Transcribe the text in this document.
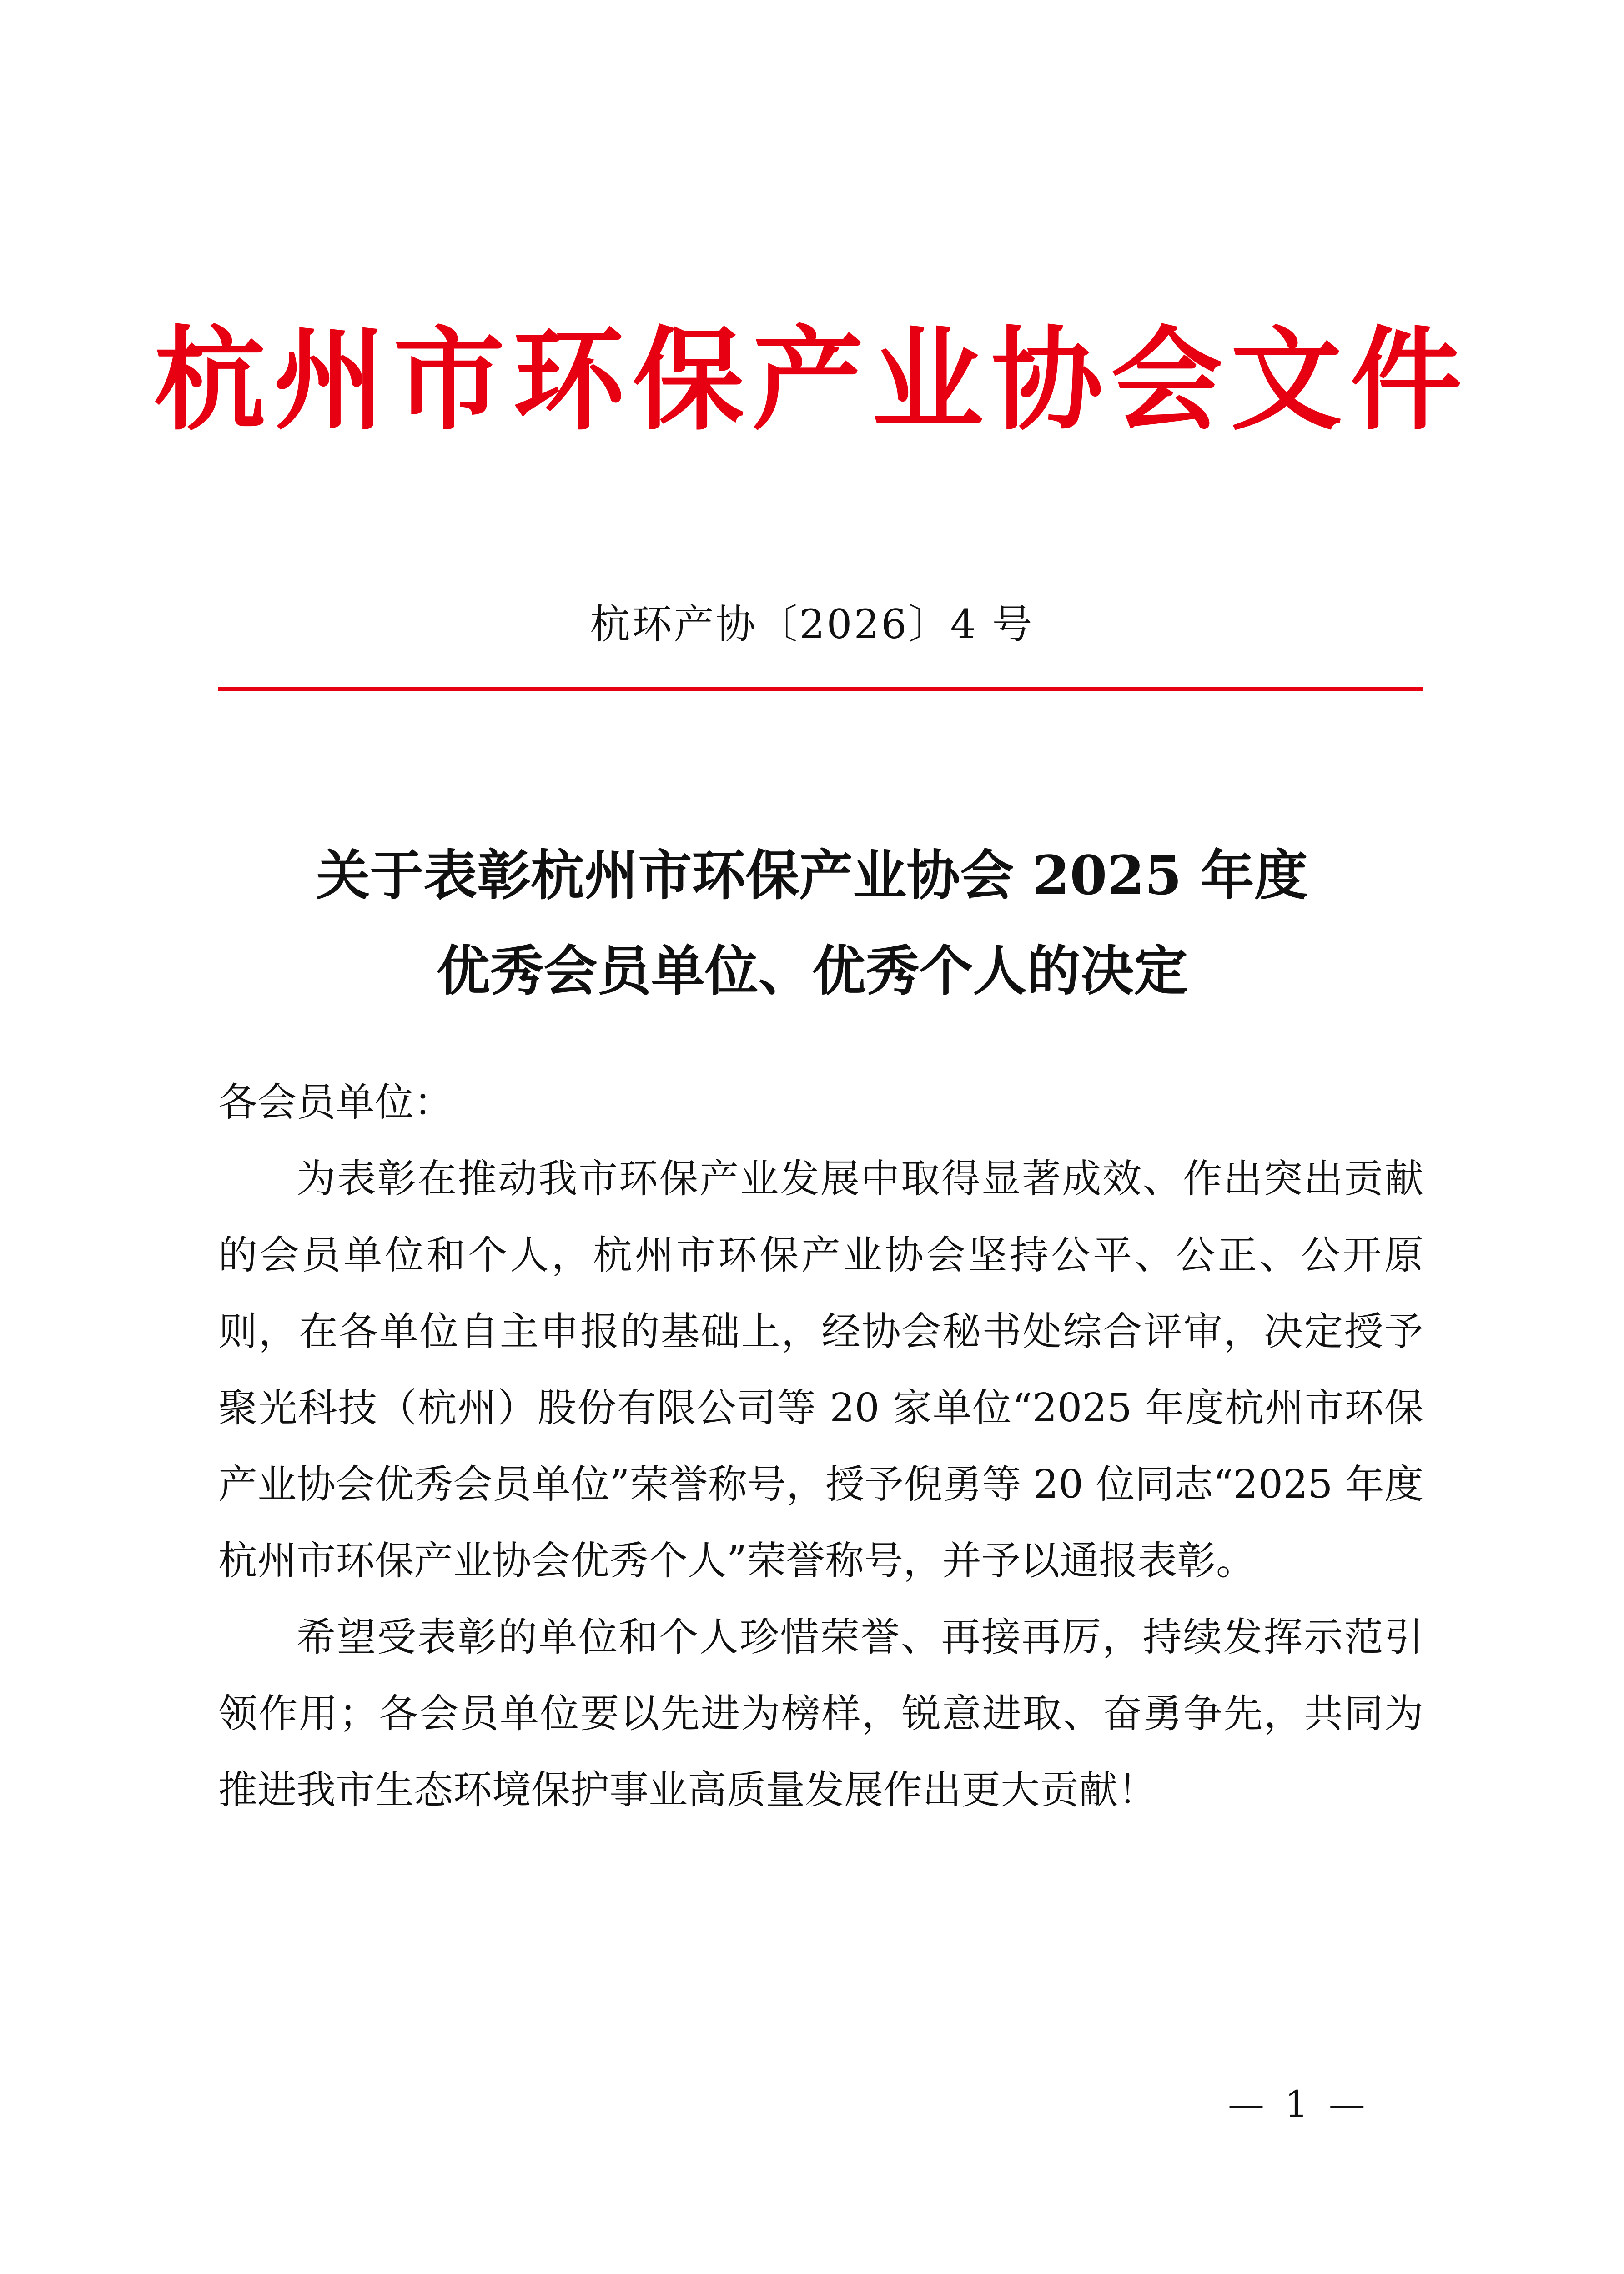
杭州市环保产业协会文件
杭环产协〔2026〕4 号
关于表彰杭州市环保产业协会 2025 年度
优秀会员单位、优秀个人的决定

各会员单位：

为表彰在推动我市环保产业发展中取得显著成效、作出突出贡献的会员单位和个人，杭州市环保产业协会坚持公平、公正、公开原则，在各单位自主申报的基础上，经协会秘书处综合评审，决定授予聚光科技（杭州）股份有限公司等 20 家单位“2025 年度杭州市环保产业协会优秀会员单位”荣誉称号，授予倪勇等 20 位同志“2025 年度杭州市环保产业协会优秀个人”荣誉称号，并予以通报表彰。

希望受表彰的单位和个人珍惜荣誉、再接再厉，持续发挥示范引领作用；各会员单位要以先进为榜样，锐意进取、奋勇争先，共同为推进我市生态环境保护事业高质量发展作出更大贡献！

— 1 —
